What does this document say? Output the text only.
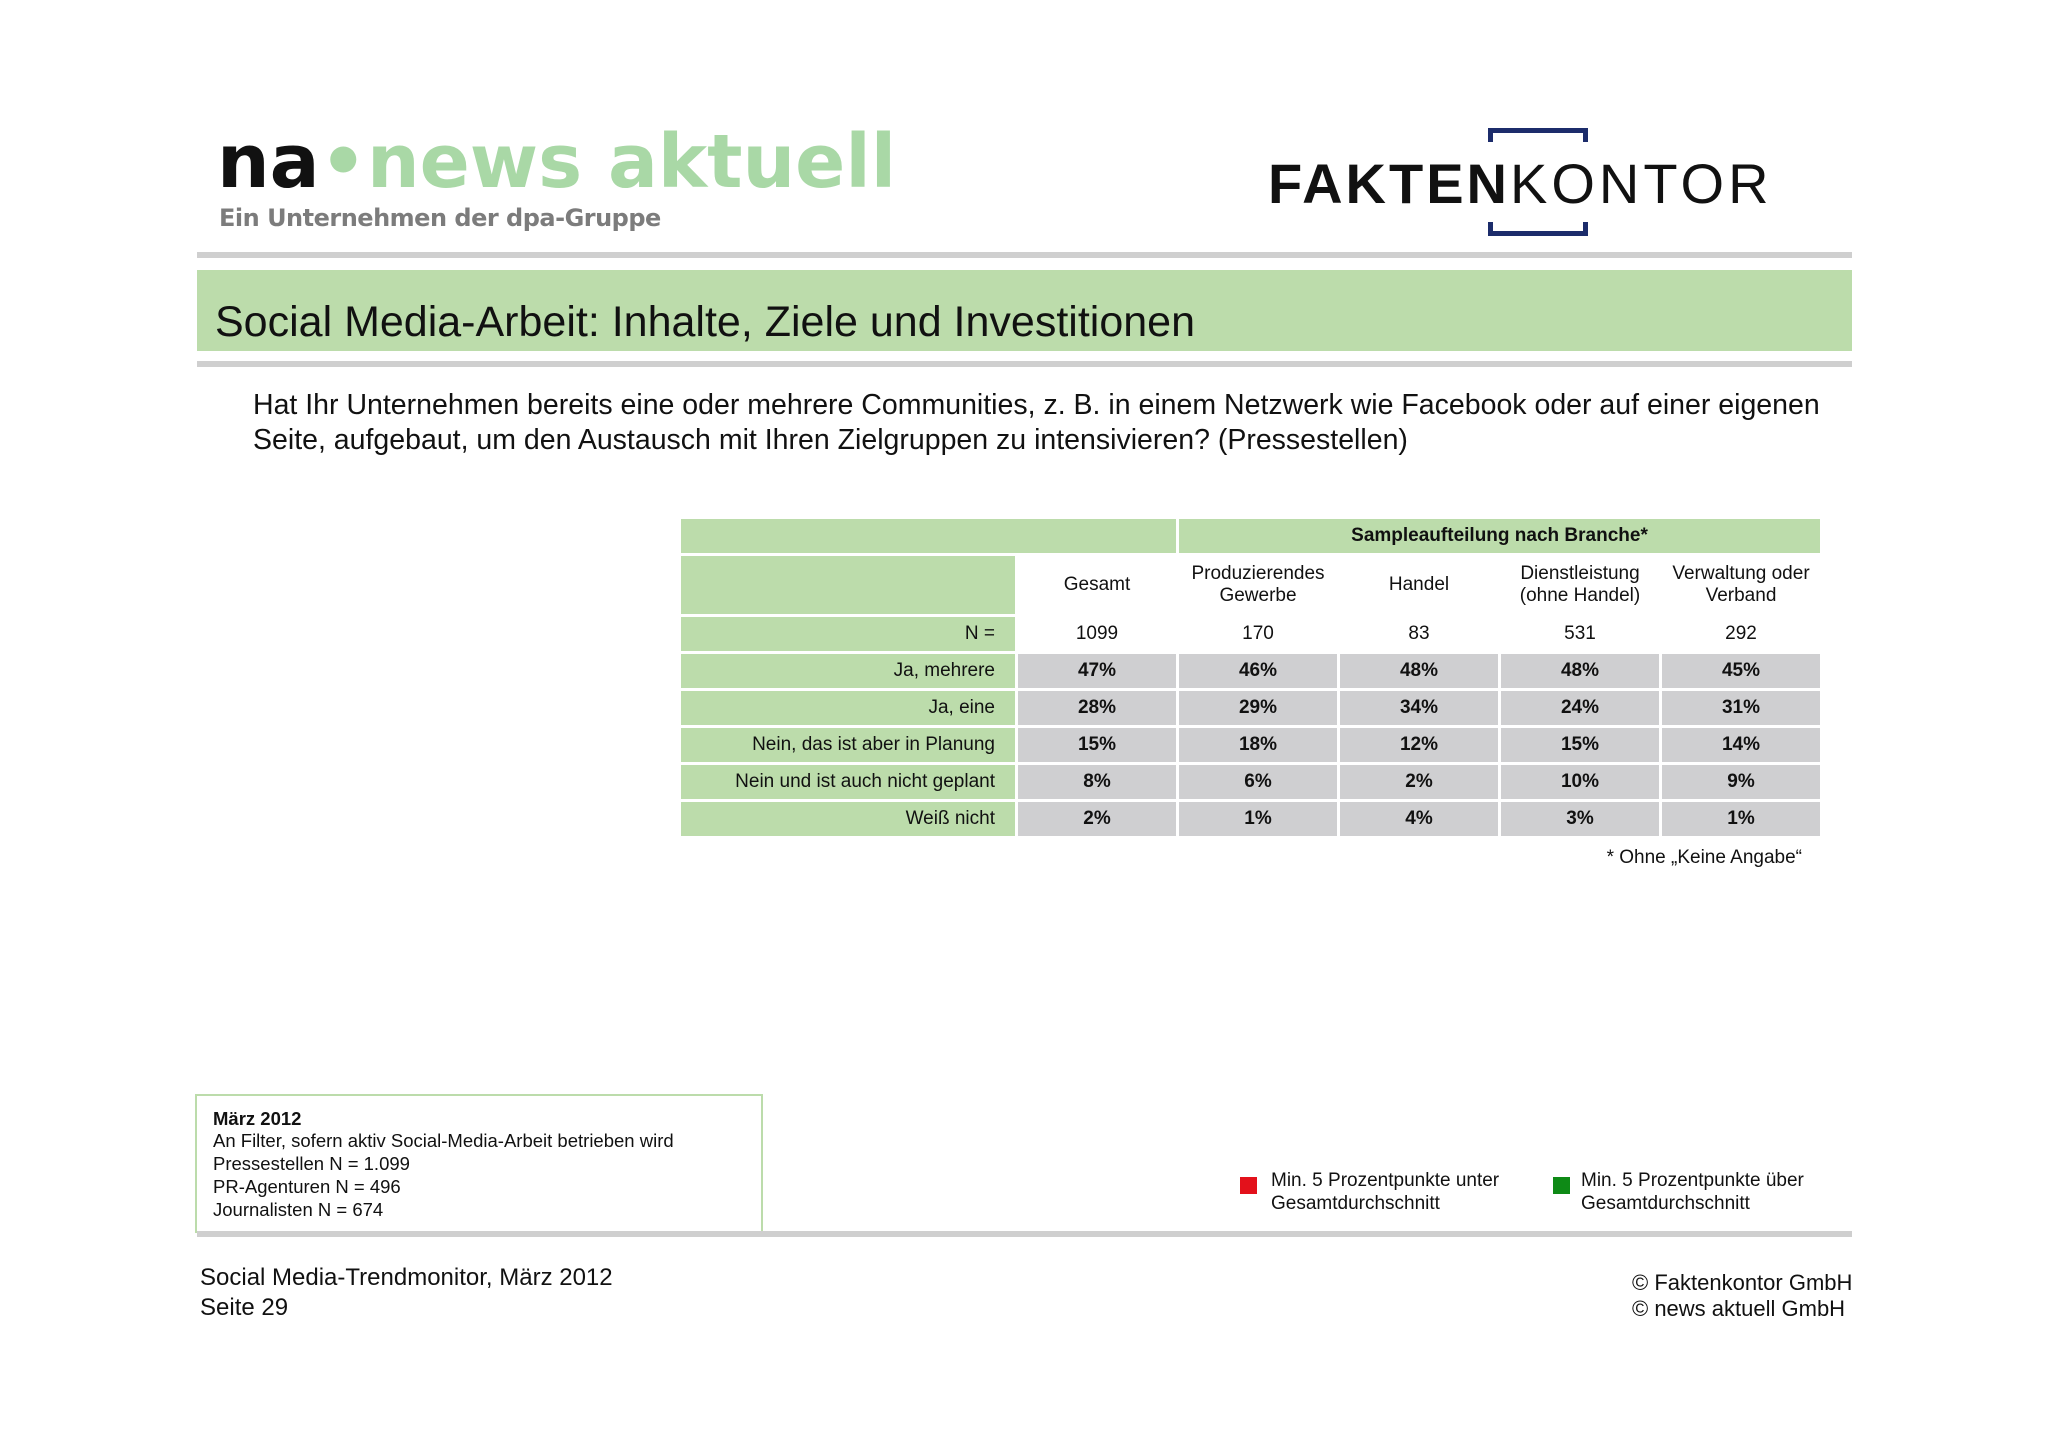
na•news aktuell
Ein Unternehmen der dpa-Gruppe
FAKTENKONTOR
Social Media-Arbeit: Inhalte, Ziele und Investitionen
Hat Ihr Unternehmen bereits eine oder mehrere Communities, z. B. in einem Netzwerk wie Facebook oder auf einer eigenen Seite, aufgebaut, um den Austausch mit Ihren Zielgruppen zu intensivieren? (Pressestellen)
		Sampleaufteilung nach Branche*			
	Gesamt	Produzierendes Gewerbe	Handel	Dienstleistung (ohne Handel)	Verwaltung oder Verband
N =	1099	170	83	531	292
Ja, mehrere	47%	46%	48%	48%	45%
Ja, eine	28%	29%	34%	24%	31%
Nein, das ist aber in Planung	15%	18%	12%	15%	14%
Nein und ist auch nicht geplant	8%	6%	2%	10%	9%
Weiß nicht	2%	1%	4%	3%	1%
* Ohne „Keine Angabe“
März 2012
An Filter, sofern aktiv Social-Media-Arbeit betrieben wird
Pressestellen N = 1.099
PR-Agenturen N = 496
Journalisten N = 674
Min. 5 Prozentpunkte unter
Gesamtdurchschnitt
Min. 5 Prozentpunkte über
Gesamtdurchschnitt
Social Media-Trendmonitor, März 2012
Seite 29
© Faktenkontor GmbH
© news aktuell GmbH
